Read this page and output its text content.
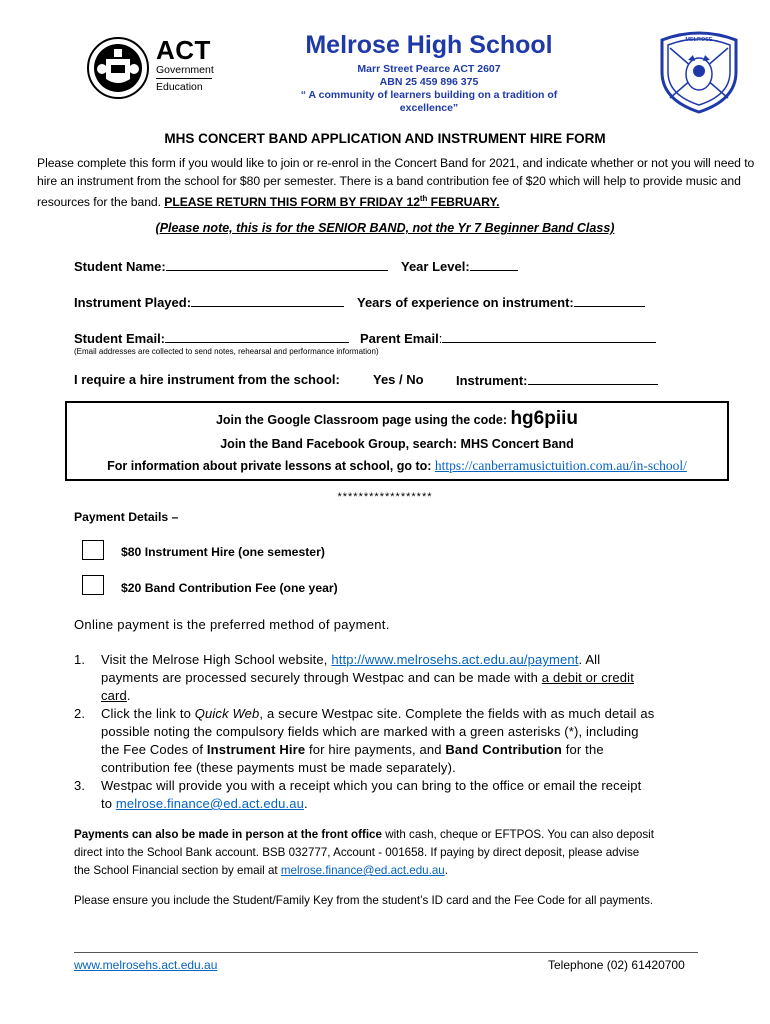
ACT
Government
Education
Melrose High School
Marr Street Pearce ACT 2607
ABN 25 459 896 375
“ A community of learners building on a tradition of excellence”
MELROSE
MHS CONCERT BAND APPLICATION AND INSTRUMENT HIRE FORM
Please complete this form if you would like to join or re-enrol in the Concert Band for 2021, and indicate whether or not you will need to hire an instrument from the school for $80 per semester. There is a band contribution fee of $20 which will help to provide music and resources for the band. PLEASE RETURN THIS FORM BY FRIDAY 12th FEBRUARY.
(Please note, this is for the SENIOR BAND, not the Yr 7 Beginner Band Class)
Student Name:	Year Level:
Instrument Played:	Years of experience on instrument:
Student Email:	Parent Email:
(Email addresses are collected to send notes, rehearsal and performance information)
I require a hire instrument from the school:	Yes / No Instrument:
Join the Google Classroom page using the code: hg6piiu
Join the Band Facebook Group, search: MHS Concert Band
For information about private lessons at school, go to: https://canberramusictuition.com.au/in-school/
******************
Payment Details –
$80 Instrument Hire (one semester)
$20 Band Contribution Fee (one year)
Online payment is the preferred method of payment.
1. Visit the Melrose High School website, http://www.melrosehs.act.edu.au/payment. All
payments are processed securely through Westpac and can be made with a debit or credit
card.
2. Click the link to Quick Web, a secure Westpac site. Complete the fields with as much detail as
possible noting the compulsory fields which are marked with a green asterisks (*), including
the Fee Codes of Instrument Hire for hire payments, and Band Contribution for the
contribution fee (these payments must be made separately).
3. Westpac will provide you with a receipt which you can bring to the office or email the receipt
to melrose.finance@ed.act.edu.au.
Payments can also be made in person at the front office with cash, cheque or EFTPOS. You can also deposit
direct into the School Bank account. BSB 032777, Account - 001658. If paying by direct deposit, please advise
the School Financial section by email at melrose.finance@ed.act.edu.au.
Please ensure you include the Student/Family Key from the student’s ID card and the Fee Code for all payments.
www.melrosehs.act.edu.au	Telephone (02) 61420700
